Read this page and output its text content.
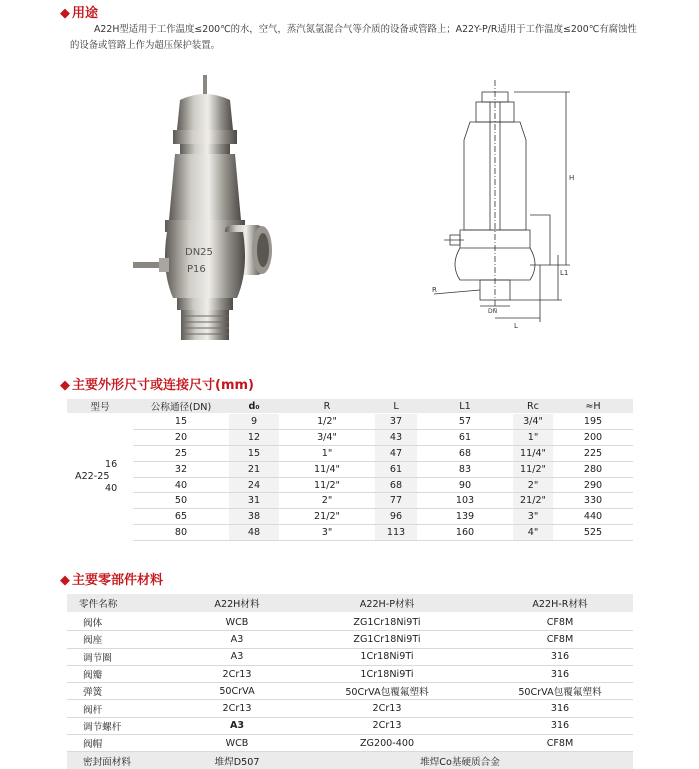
◆ 用途
A22H型适用于工作温度≤200℃的水，空气，蒸汽氮氩混合气等介质的设备或管路上；A22Y-P/R适用于工作温度≤200℃有腐蚀性
的设备或管路上作为超压保护装置。
DN25
P16
H
L1
R
DN
L
◆ 主要外形尺寸或连接尺寸(mm)
型号	公称通径(DN)	d₀	R	L	L1	Rc	≈H

16
A22-25
40	15	9	1/2"	37	57	3/4"	195
	20	12	3/4"	43	61	1"	200
	25	15	1"	47	68	11/4"	225
	32	21	11/4"	61	83	11/2"	280
	40	24	11/2"	68	90	2"	290
	50	31	2"	77	103	21/2"	330
	65	38	21/2"	96	139	3"	440
	80	48	3"	113	160	4"	525
◆ 主要零部件材料
零件名称	A22H材料	A22H-P材料	A22H-R材料
阀体	WCB	ZG1Cr18Ni9Ti	CF8M
阀座	A3	ZG1Cr18Ni9Ti	CF8M
调节圈	A3	1Cr18Ni9Ti	316
阀瓣	2Cr13	1Cr18Ni9Ti	316
弹簧	50CrVA	50CrVA包覆氟塑料	50CrVA包覆氟塑料
阀杆	2Cr13	2Cr13	316
调节螺杆	A3	2Cr13	316
阀帽	WCB	ZG200-400	CF8M
密封面材料	堆焊D507	堆焊Co基硬质合金	
